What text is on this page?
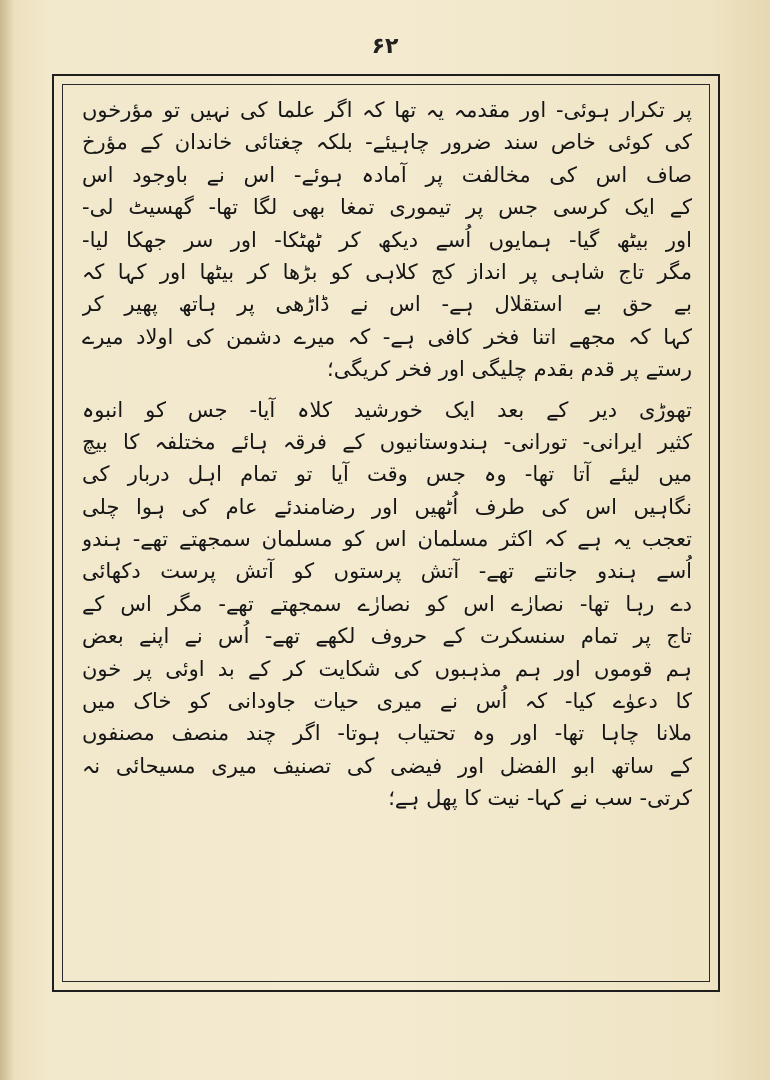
۶۲
پر تکرار ہوئی- اور مقدمہ یہ تھا کہ اگر علما کی نہیں تو مؤرخوں
کی کوئی خاص سند ضرور چاہیئے- بلکہ چغتائی خاندان کے مؤرخ
صاف اس کی مخالفت پر آمادہ ہوئے- اس نے باوجود اس
کے ایک کرسی جس پر تیموری تمغا بھی لگا تھا- گھسیٹ لی-
اور بیٹھ گیا- ہمایوں اُسے دیکھ کر ٹھٹکا- اور سر جھکا لیا-
مگر تاج شاہی پر انداز کج کلاہی کو بڑھا کر بیٹھا اور کہا کہ
بے حق بے استقلال ہے- اس نے ڈاڑھی پر ہاتھ پھیر کر
کہا کہ مجھے اتنا فخر کافی ہے- کہ میرے دشمن کی اولاد میرے
رستے پر قدم بقدم چلیگی اور فخر کریگی؛
تھوڑی دیر کے بعد ایک خورشید کلاہ آیا- جس کو انبوہ
کثیر ایرانی- تورانی- ہندوستانیوں کے فرقہ ہائے مختلفہ کا بیچ
میں لیئے آتا تھا- وہ جس وقت آیا تو تمام اہل دربار کی
نگاہیں اس کی طرف اُٹھیں اور رضامندئے عام کی ہوا چلی
تعجب یہ ہے کہ اکثر مسلمان اس کو مسلمان سمجھتے تھے- ہندو
اُسے ہندو جانتے تھے- آتش پرستوں کو آتش پرست دکھائی
دے رہا تھا- نصارٰے اس کو نصارٰے سمجھتے تھے- مگر اس کے
تاج پر تمام سنسکرت کے حروف لکھے تھے- اُس نے اپنے بعض
ہم قوموں اور ہم مذہبوں کی شکایت کر کے بد اوئی پر خون
کا دعوٰے کیا- کہ اُس نے میری حیات جاودانی کو خاک میں
ملانا چاہا تھا- اور وہ تحتیاب ہوتا- اگر چند منصف مصنفوں
کے ساتھ ابو الفضل اور فیضی کی تصنیف میری مسیحائی نہ
کرتی- سب نے کہا- نیت کا پھل ہے؛
